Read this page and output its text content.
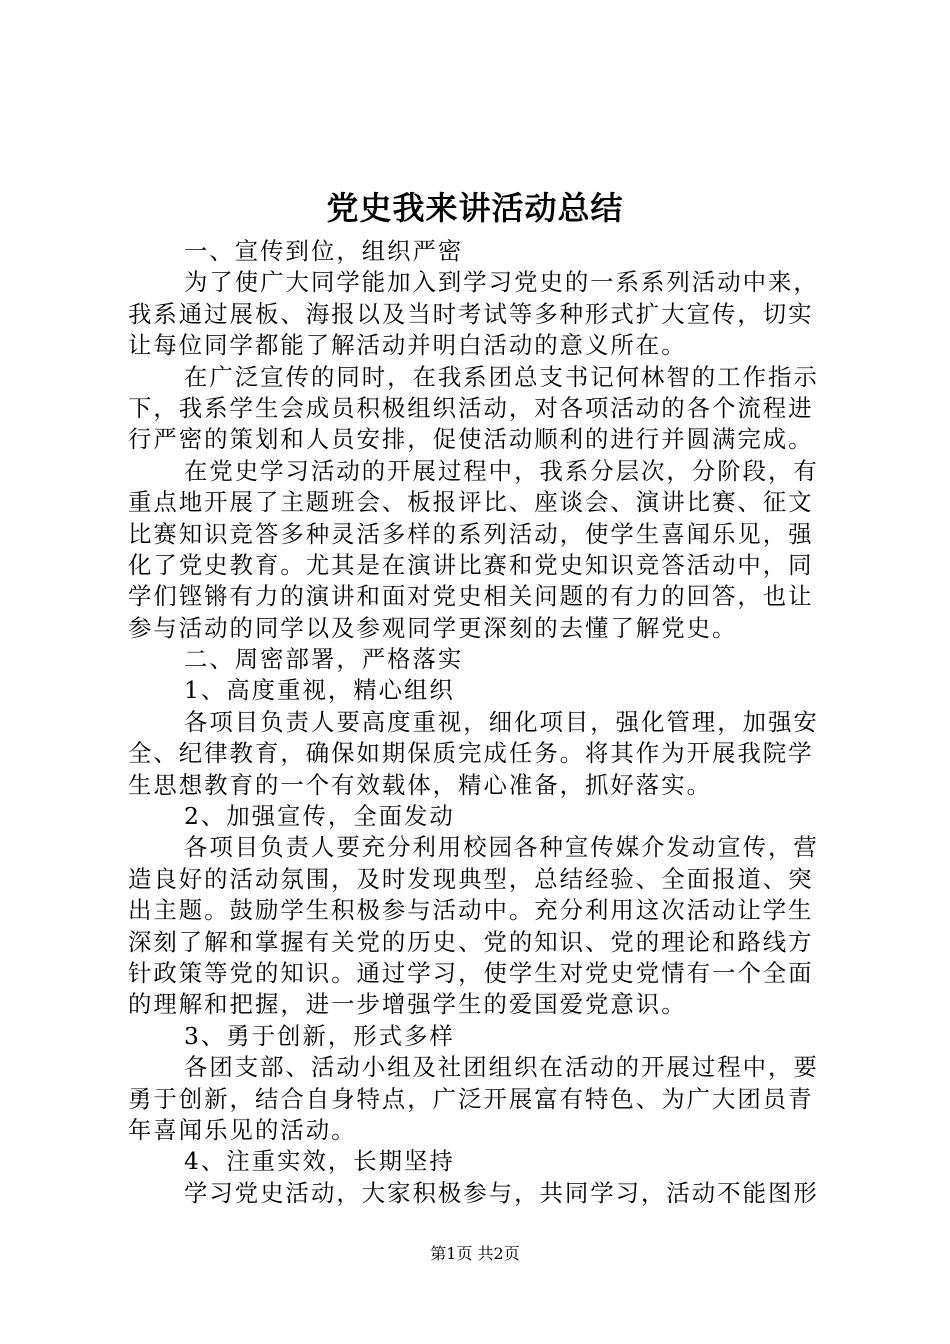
党史我来讲活动总结
一、宣传到位，组织严密
为了使广大同学能加入到学习党史的一系系列活动中来，
我系通过展板、海报以及当时考试等多种形式扩大宣传，切实
让每位同学都能了解活动并明白活动的意义所在。
在广泛宣传的同时，在我系团总支书记何林智的工作指示
下，我系学生会成员积极组织活动，对各项活动的各个流程进
行严密的策划和人员安排，促使活动顺利的进行并圆满完成。
在党史学习活动的开展过程中，我系分层次，分阶段，有
重点地开展了主题班会、板报评比、座谈会、演讲比赛、征文
比赛知识竞答多种灵活多样的系列活动，使学生喜闻乐见，强
化了党史教育。尤其是在演讲比赛和党史知识竞答活动中，同
学们铿锵有力的演讲和面对党史相关问题的有力的回答，也让
参与活动的同学以及参观同学更深刻的去懂了解党史。
二、周密部署，严格落实
1、高度重视，精心组织
各项目负责人要高度重视，细化项目，强化管理，加强安
全、纪律教育，确保如期保质完成任务。将其作为开展我院学
生思想教育的一个有效载体，精心准备，抓好落实。
2、加强宣传，全面发动
各项目负责人要充分利用校园各种宣传媒介发动宣传，营
造良好的活动氛围，及时发现典型，总结经验、全面报道、突
出主题。鼓励学生积极参与活动中。充分利用这次活动让学生
深刻了解和掌握有关党的历史、党的知识、党的理论和路线方
针政策等党的知识。通过学习，使学生对党史党情有一个全面
的理解和把握，进一步增强学生的爱国爱党意识。
3、勇于创新，形式多样
各团支部、活动小组及社团组织在活动的开展过程中，要
勇于创新，结合自身特点，广泛开展富有特色、为广大团员青
年喜闻乐见的活动。
4、注重实效，长期坚持
学习党史活动，大家积极参与，共同学习，活动不能图形
第1页 共2页
